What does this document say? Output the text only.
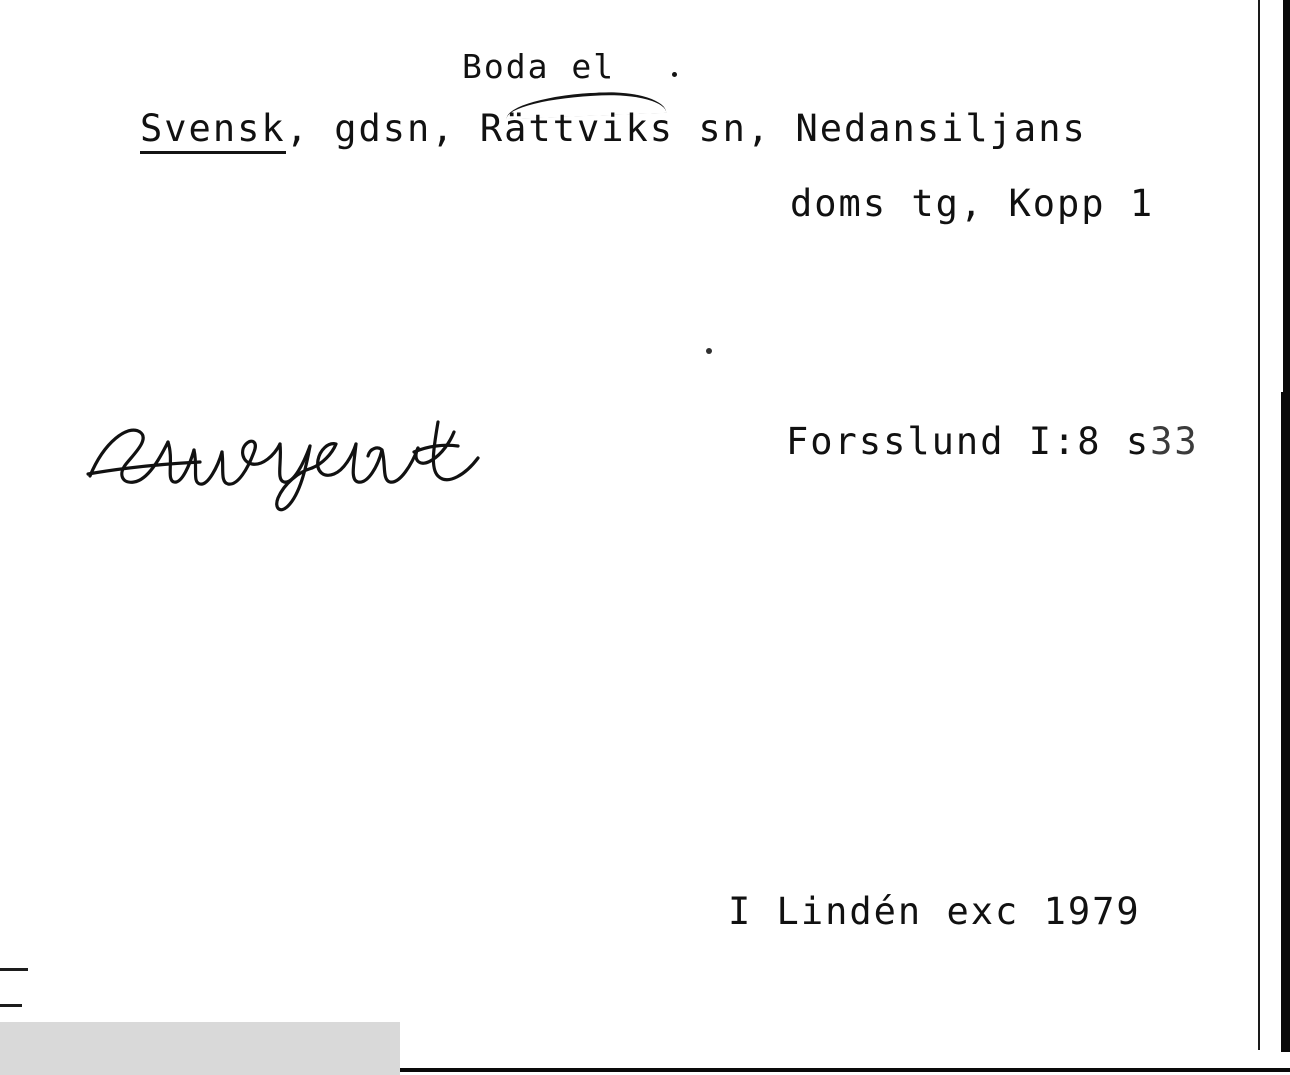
Boda el
Svensk, gdsn, Rättviks sn, Nedansiljans
doms tg, Kopp 1
Forsslund I:8 s33
I Lindén exc 1979
